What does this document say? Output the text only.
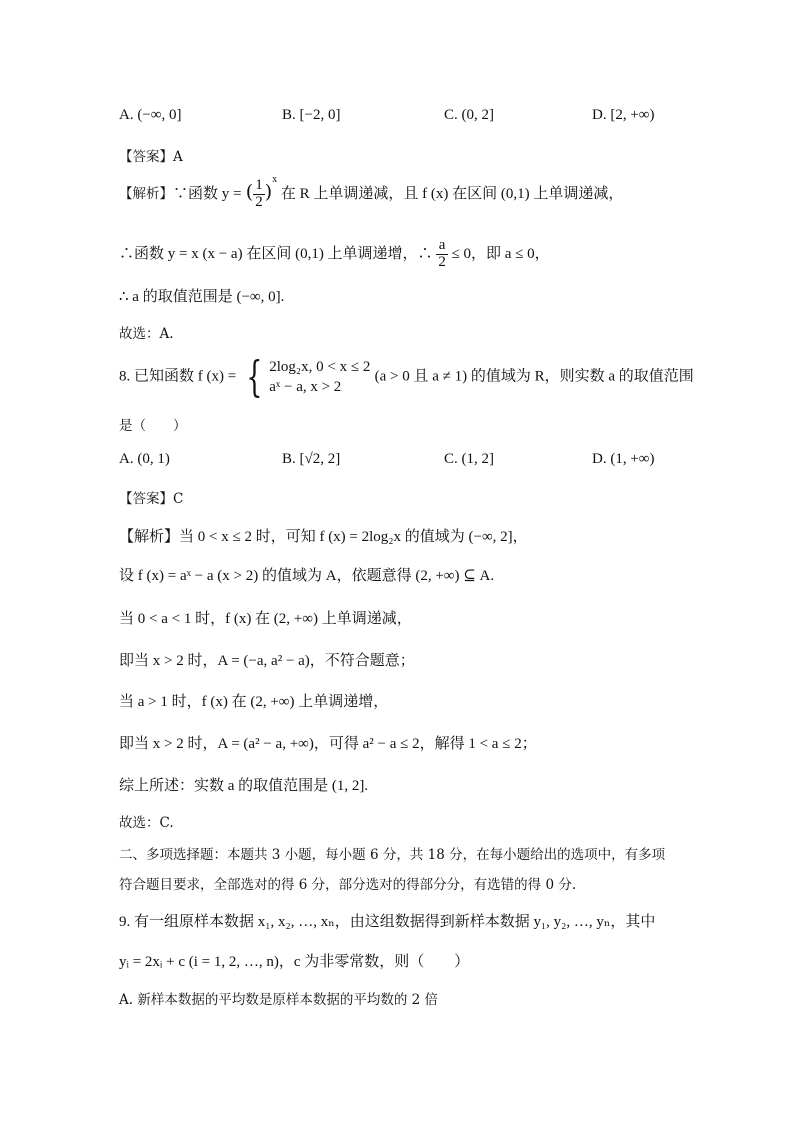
A. (−∞, 0]	B. [−2, 0]	C. (0, 2]	D. [2, +∞)
【答案】A
【解析】∵函数 y = ( $\frac{1}{2} )^x$ 在 R 上单调递减，且 f (x) 在区间 (0,1) 上单调递减，
∴函数 y = x (x − a) 在区间 (0,1) 上单调递增，∴ $\frac{a}{2} \le 0$，即 a ≤ 0，
∴ a 的取值范围是 (−∞, 0].
故选：A.
8. 已知函数 f (x) = { 2log₂x, 0 < x ≤ 2
aˣ − a, x > 2
(a > 0 且 a ≠ 1) 的值域为 R，则实数 a 的取值范围
是（　　）
A. (0, 1)	B. [√2, 2]	C. (1, 2]	D. (1, +∞)
【答案】C
【解析】当 0 < x ≤ 2 时，可知 f (x) = 2log₂x 的值域为 (−∞, 2]，
设 f (x) = aˣ − a (x > 2) 的值域为 A，依题意得 (2, +∞) ⊆ A.
当 0 < a < 1 时，f (x) 在 (2, +∞) 上单调递减，
即当 x > 2 时，A = (−a, a² − a)，不符合题意；
当 a > 1 时，f (x) 在 (2, +∞) 上单调递增，
即当 x > 2 时，A = (a² − a, +∞)，可得 a² − a ≤ 2，解得 1 < a ≤ 2；
综上所述：实数 a 的取值范围是 (1, 2].
故选：C.
二、多项选择题：本题共 3 小题，每小题 6 分，共 18 分，在每小题给出的选项中，有多项
符合题目要求，全部选对的得 6 分，部分选对的得部分分，有选错的得 0 分.
9. 有一组原样本数据 x₁, x₂, …, xₙ，由这组数据得到新样本数据 y₁, y₂, …, yₙ，其中
yᵢ = 2xᵢ + c (i = 1, 2, …, n)，c 为非零常数，则（　　）
A. 新样本数据的平均数是原样本数据的平均数的 2 倍
